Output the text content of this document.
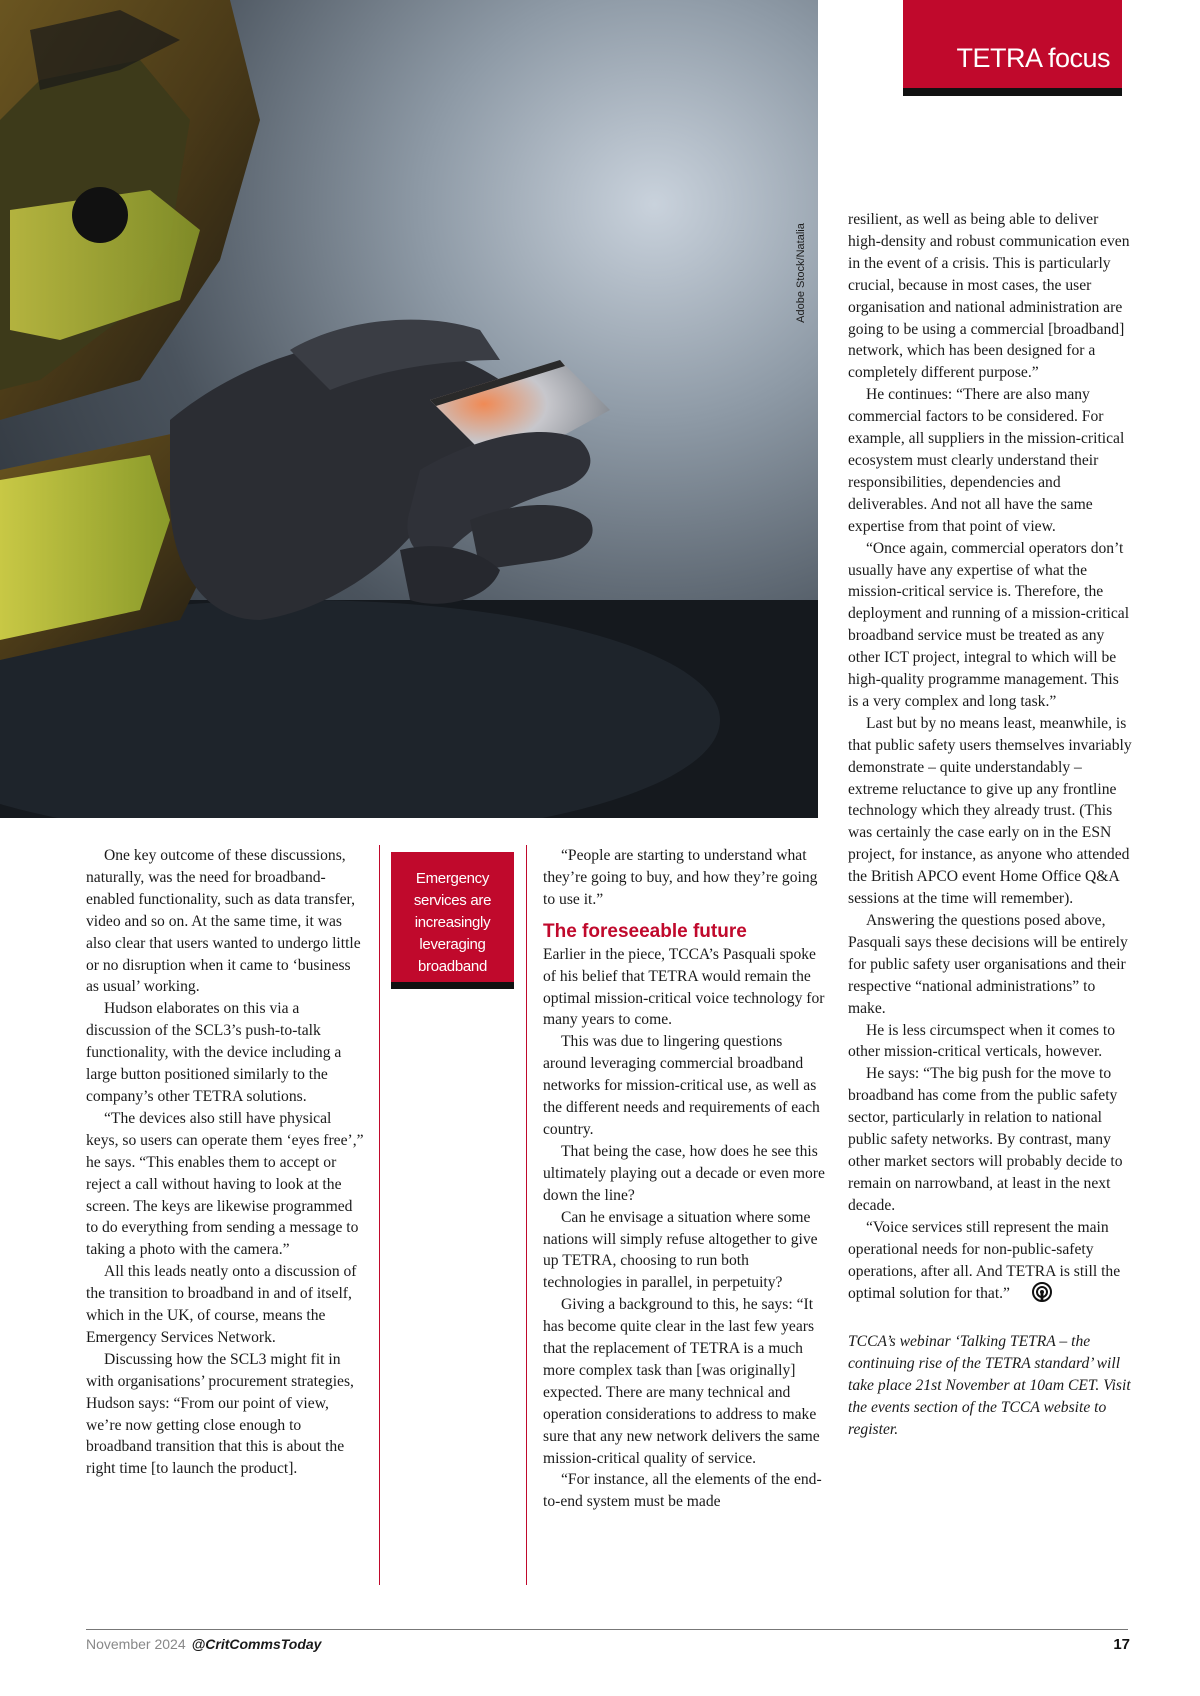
Adobe Stock/Natalia
TETRA focus

One key outcome of these discussions, naturally, was the need for broadband-enabled functionality, such as data transfer, video and so on. At the same time, it was also clear that users wanted to undergo little or no disruption when it came to ‘business as usual’ working.

Hudson elaborates on this via a discussion of the SCL3’s push-to-talk functionality, with the device including a large button positioned similarly to the company’s other TETRA solutions.

“The devices also still have physical keys, so users can operate them ‘eyes free’,” he says. “This enables them to accept or reject a call without having to look at the screen. The keys are likewise programmed to do everything from sending a message to taking a photo with the camera.”

All this leads neatly onto a discussion of the transition to broadband in and of itself, which in the UK, of course, means the Emergency Services Network.

Discussing how the SCL3 might fit in with organisations’ procurement strategies, Hudson says: “From our point of view, we’re now getting close enough to broadband transition that this is about the right time [to launch the product].

Emergency services are increasingly leveraging broadband

“People are starting to understand what they’re going to buy, and how they’re going to use it.”

The foreseeable future

Earlier in the piece, TCCA’s Pasquali spoke of his belief that TETRA would remain the optimal mission-critical voice technology for many years to come.

This was due to lingering questions around leveraging commercial broadband networks for mission-critical use, as well as the different needs and requirements of each country.

That being the case, how does he see this ultimately playing out a decade or even more down the line?

Can he envisage a situation where some nations will simply refuse altogether to give up TETRA, choosing to run both technologies in parallel, in perpetuity?

Giving a background to this, he says: “It has become quite clear in the last few years that the replacement of TETRA is a much more complex task than [was originally] expected. There are many technical and operation considerations to address to make sure that any new network delivers the same mission-critical quality of service.

“For instance, all the elements of the end-to-end system must be made

resilient, as well as being able to deliver high-density and robust communication even in the event of a crisis. This is particularly crucial, because in most cases, the user organisation and national administration are going to be using a commercial [broadband] network, which has been designed for a completely different purpose.”

He continues: “There are also many commercial factors to be considered. For example, all suppliers in the mission-critical ecosystem must clearly understand their responsibilities, dependencies and deliverables. And not all have the same expertise from that point of view.

“Once again, commercial operators don’t usually have any expertise of what the mission-critical service is. Therefore, the deployment and running of a mission-critical broadband service must be treated as any other ICT project, integral to which will be high-quality programme management. This is a very complex and long task.”

Last but by no means least, meanwhile, is that public safety users themselves invariably demonstrate – quite understandably – extreme reluctance to give up any frontline technology which they already trust. (This was certainly the case early on in the ESN project, for instance, as anyone who attended the British APCO event Home Office Q&A sessions at the time will remember).

Answering the questions posed above, Pasquali says these decisions will be entirely for public safety user organisations and their respective “national administrations” to make.

He is less circumspect when it comes to other mission-critical verticals, however.

He says: “The big push for the move to broadband has come from the public safety sector, particularly in relation to national public safety networks. By contrast, many other market sectors will probably decide to remain on narrowband, at least in the next decade.

“Voice services still represent the main operational needs for non-public-safety operations, after all. And TETRA is still the optimal solution for that.”

TCCA’s webinar ‘Talking TETRA – the continuing rise of the TETRA standard’ will take place 21st November at 10am CET. Visit the events section of the TCCA website to register.

November 2024 @CritCommsToday	17
